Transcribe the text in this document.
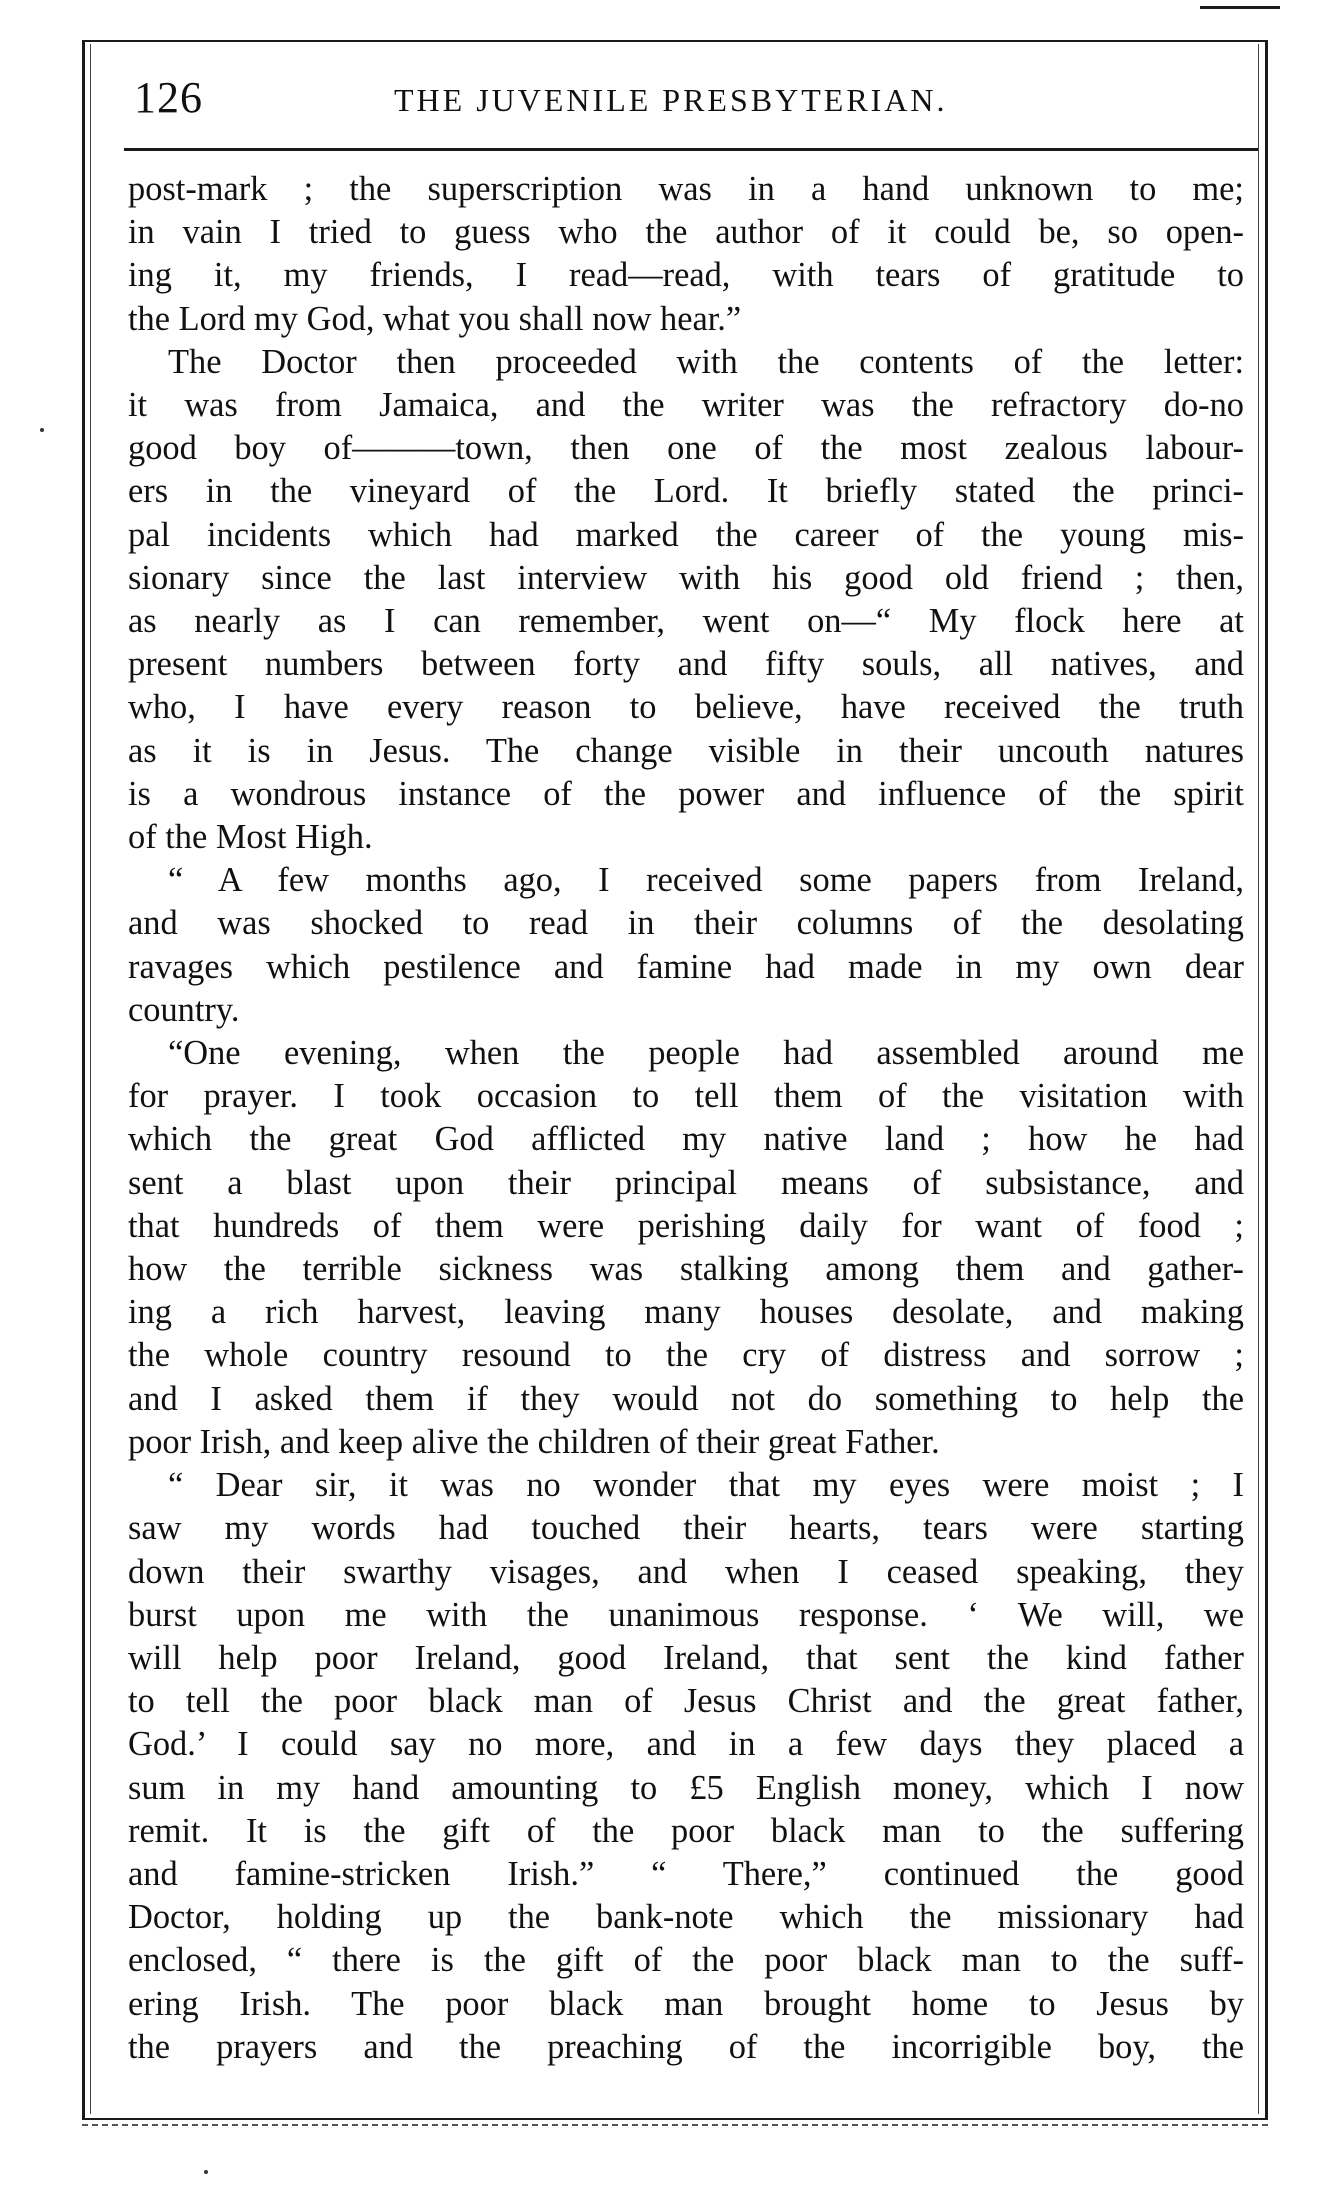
126	THE JUVENILE PRESBYTERIAN.
post-mark ; the superscription was in a hand unknown to me;
in vain I tried to guess who the author of it could be, so open-
ing it, my friends, I read—read, with tears of gratitude to
the Lord my God, what you shall now hear.”
The Doctor then proceeded with the contents of the letter:
it was from Jamaica, and the writer was the refractory do-no
good boy of———town, then one of the most zealous labour-
ers in the vineyard of the Lord. It briefly stated the princi-
pal incidents which had marked the career of the young mis-
sionary since the last interview with his good old friend ; then,
as nearly as I can remember, went on—“ My flock here at
present numbers between forty and fifty souls, all natives, and
who, I have every reason to believe, have received the truth
as it is in Jesus. The change visible in their uncouth natures
is a wondrous instance of the power and influence of the spirit
of the Most High.
“ A few months ago, I received some papers from Ireland,
and was shocked to read in their columns of the desolating
ravages which pestilence and famine had made in my own dear
country.
“One evening, when the people had assembled around me
for prayer. I took occasion to tell them of the visitation with
which the great God afflicted my native land ; how he had
sent a blast upon their principal means of subsistance, and
that hundreds of them were perishing daily for want of food ;
how the terrible sickness was stalking among them and gather-
ing a rich harvest, leaving many houses desolate, and making
the whole country resound to the cry of distress and sorrow ;
and I asked them if they would not do something to help the
poor Irish, and keep alive the children of their great Father.
“ Dear sir, it was no wonder that my eyes were moist ; I
saw my words had touched their hearts, tears were starting
down their swarthy visages, and when I ceased speaking, they
burst upon me with the unanimous response. ‘ We will, we
will help poor Ireland, good Ireland, that sent the kind father
to tell the poor black man of Jesus Christ and the great father,
God.’ I could say no more, and in a few days they placed a
sum in my hand amounting to £5 English money, which I now
remit. It is the gift of the poor black man to the suffering
and famine-stricken Irish.” “ There,” continued the good
Doctor, holding up the bank-note which the missionary had
enclosed, “ there is the gift of the poor black man to the suff-
ering Irish. The poor black man brought home to Jesus by
the prayers and the preaching of the incorrigible boy, the
